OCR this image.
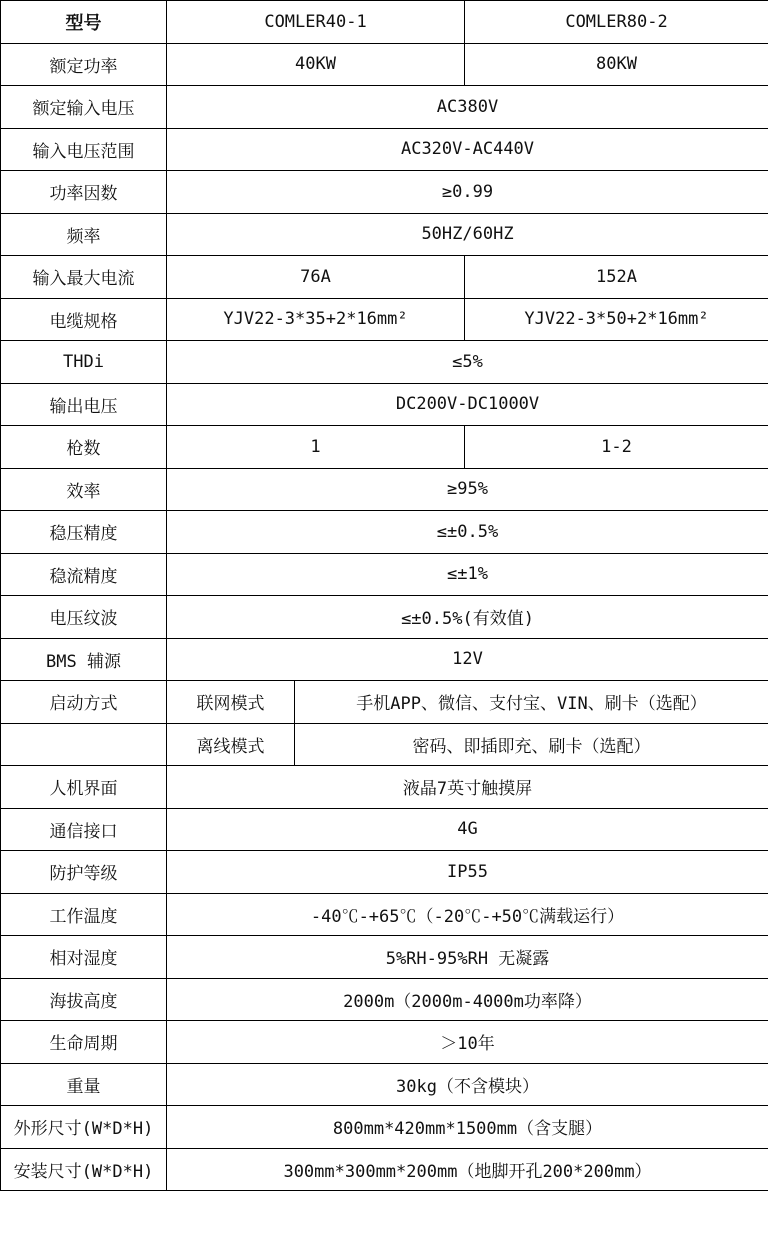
型号	COMLER40-1		COMLER80-2
额定功率	40KW		80KW
额定输入电压	AC380V		
输入电压范围	AC320V-AC440V		
功率因数	≥0.99		
频率	50HZ/60HZ		
输入最大电流	76A		152A
电缆规格	YJV22-3*35+2*16mm²		YJV22-3*50+2*16mm²
THDi	≤5%		
输出电压	DC200V-DC1000V		
枪数	1		1-2
效率	≥95%		
稳压精度	≤±0.5%		
稳流精度	≤±1%		
电压纹波	≤±0.5%(有效值)		
BMS 辅源	12V		
启动方式	联网模式	手机APP、微信、支付宝、VIN、刷卡（选配）	
	离线模式	密码、即插即充、刷卡（选配）	
人机界面	液晶7英寸触摸屏		
通信接口	4G		
防护等级	IP55		
工作温度	-40℃-+65℃（-20℃-+50℃满载运行）		
相对湿度	5%RH-95%RH 无凝露		
海拔高度	2000m（2000m-4000m功率降）		
生命周期	＞10年		
重量	30kg（不含模块）		
外形尺寸(W*D*H)	800mm*420mm*1500mm（含支腿）		
安装尺寸(W*D*H)	300mm*300mm*200mm（地脚开孔200*200mm）		
